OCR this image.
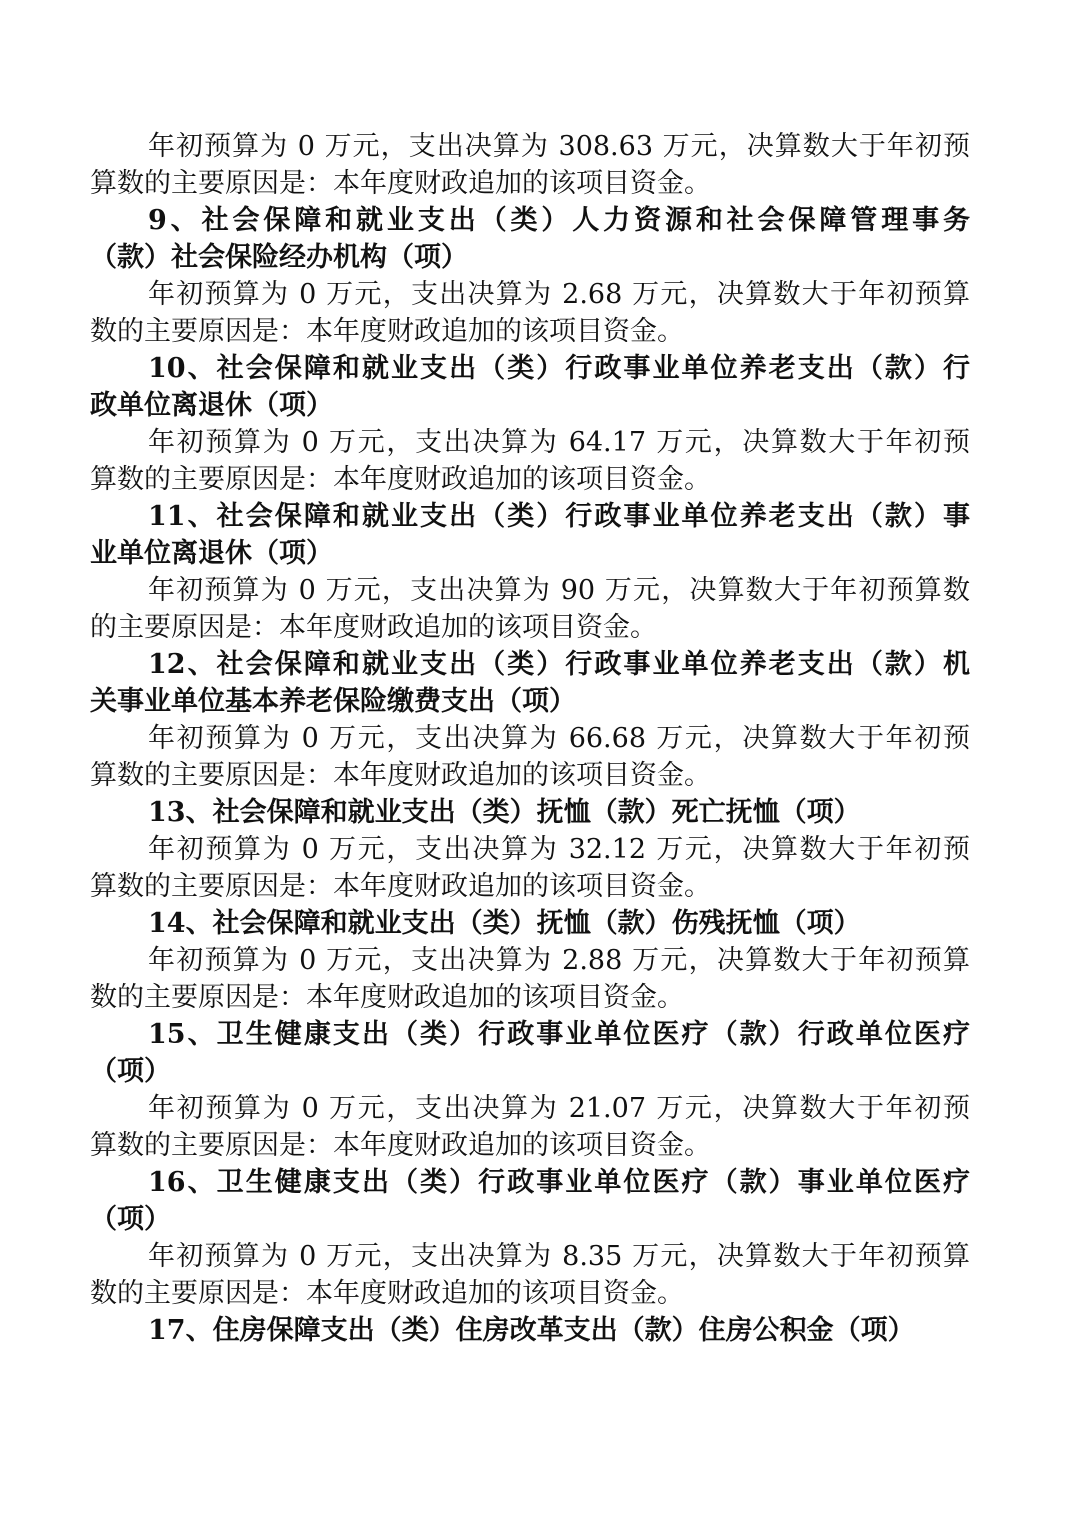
年初预算为 0 万元，支出决算为 308.63 万元，决算数大于年初预
算数的主要原因是：本年度财政追加的该项目资金。
9、社会保障和就业支出（类）人力资源和社会保障管理事务
（款）社会保险经办机构（项）
年初预算为 0 万元，支出决算为 2.68 万元，决算数大于年初预算
数的主要原因是：本年度财政追加的该项目资金。
10、社会保障和就业支出（类）行政事业单位养老支出（款）行
政单位离退休（项）
年初预算为 0 万元，支出决算为 64.17 万元，决算数大于年初预
算数的主要原因是：本年度财政追加的该项目资金。
11、社会保障和就业支出（类）行政事业单位养老支出（款）事
业单位离退休（项）
年初预算为 0 万元，支出决算为 90 万元，决算数大于年初预算数
的主要原因是：本年度财政追加的该项目资金。
12、社会保障和就业支出（类）行政事业单位养老支出（款）机
关事业单位基本养老保险缴费支出（项）
年初预算为 0 万元，支出决算为 66.68 万元，决算数大于年初预
算数的主要原因是：本年度财政追加的该项目资金。
13、社会保障和就业支出（类）抚恤（款）死亡抚恤（项）
年初预算为 0 万元，支出决算为 32.12 万元，决算数大于年初预
算数的主要原因是：本年度财政追加的该项目资金。
14、社会保障和就业支出（类）抚恤（款）伤残抚恤（项）
年初预算为 0 万元，支出决算为 2.88 万元，决算数大于年初预算
数的主要原因是：本年度财政追加的该项目资金。
15、卫生健康支出（类）行政事业单位医疗（款）行政单位医疗
（项）
年初预算为 0 万元，支出决算为 21.07 万元，决算数大于年初预
算数的主要原因是：本年度财政追加的该项目资金。
16、卫生健康支出（类）行政事业单位医疗（款）事业单位医疗
（项）
年初预算为 0 万元，支出决算为 8.35 万元，决算数大于年初预算
数的主要原因是：本年度财政追加的该项目资金。
17、住房保障支出（类）住房改革支出（款）住房公积金（项）
